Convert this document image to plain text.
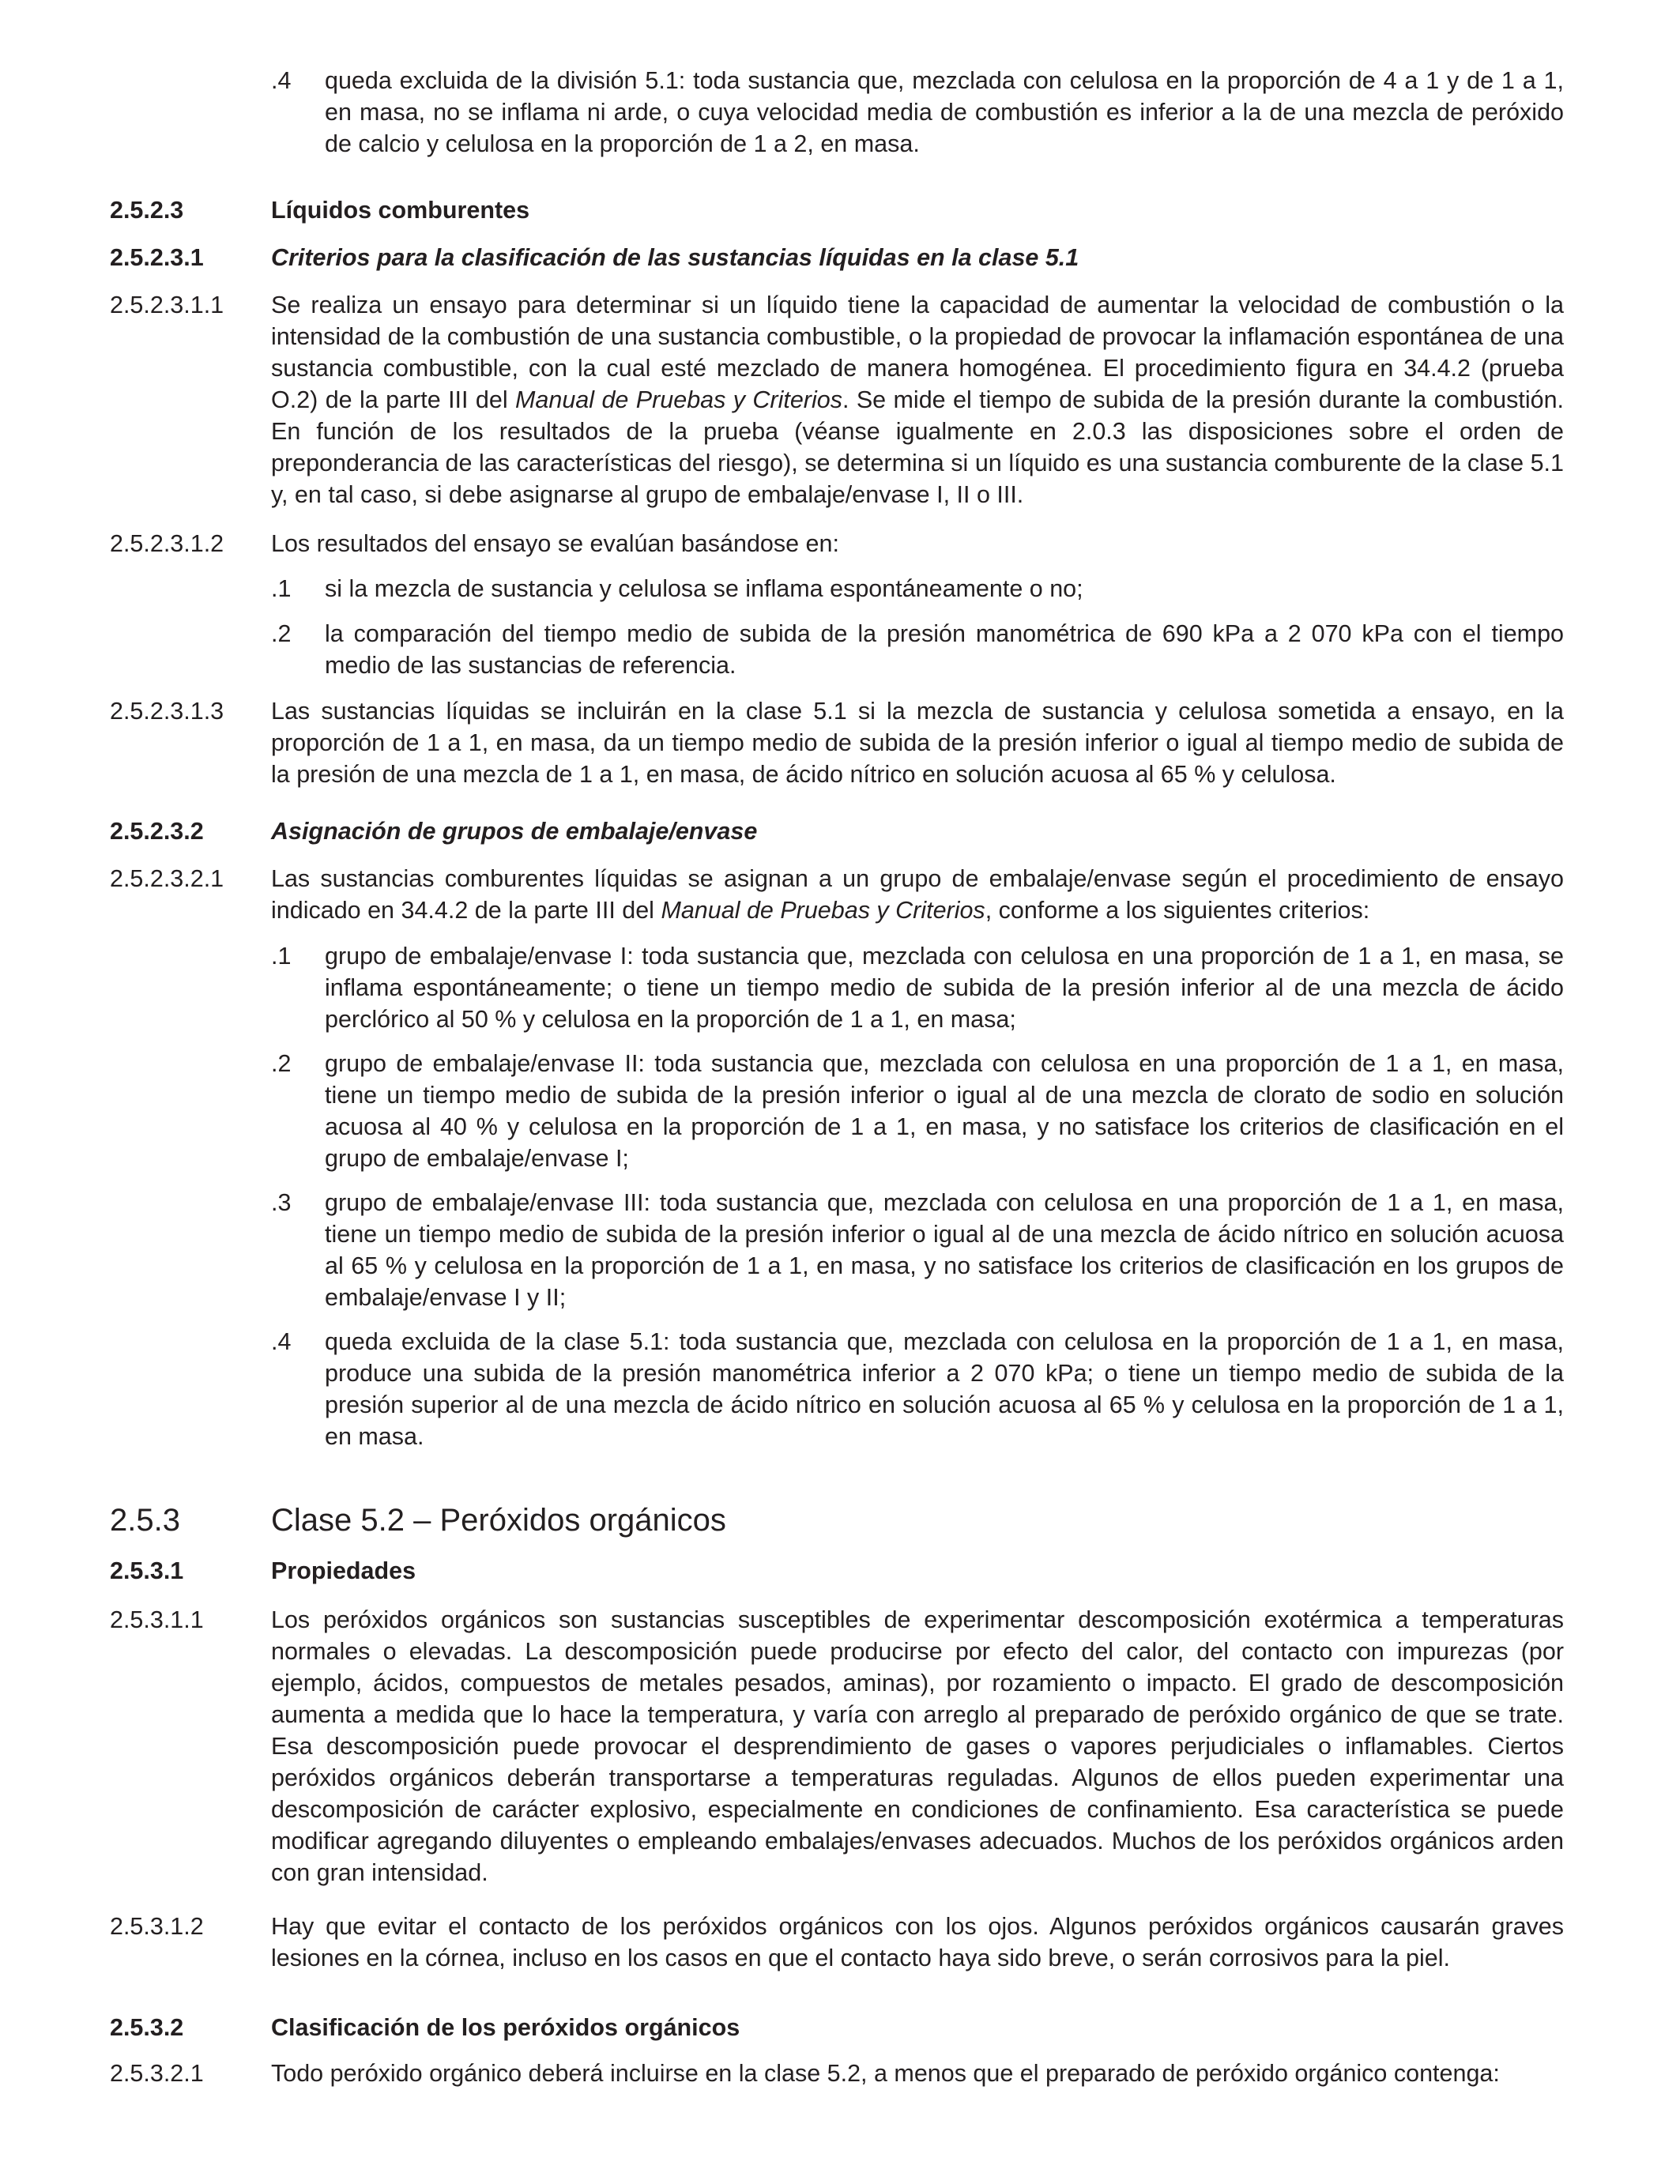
.4	queda excluida de la división 5.1: toda sustancia que, mezclada con celulosa en la proporción de 4 a 1 y de 1 a 1, en masa, no se inflama ni arde, o cuya velocidad media de combustión es inferior a la de una mezcla de peróxido de calcio y celulosa en la proporción de 1 a 2, en masa.
2.5.2.3	Líquidos comburentes
2.5.2.3.1	Criterios para la clasificación de las sustancias líquidas en la clase 5.1
2.5.2.3.1.1	Se realiza un ensayo para determinar si un líquido tiene la capacidad de aumentar la velocidad de combustión o la intensidad de la combustión de una sustancia combustible, o la propiedad de provocar la inflamación espontánea de una sustancia combustible, con la cual esté mezclado de manera homogénea. El procedimiento figura en 34.4.2 (prueba O.2) de la parte III del Manual de Pruebas y Criterios. Se mide el tiempo de subida de la presión durante la combustión. En función de los resultados de la prueba (véanse igualmente en 2.0.3 las disposiciones sobre el orden de preponderancia de las características del riesgo), se determina si un líquido es una sustancia comburente de la clase 5.1 y, en tal caso, si debe asignarse al grupo de embalaje/envase I, II o III.
2.5.2.3.1.2	Los resultados del ensayo se evalúan basándose en:
.1	si la mezcla de sustancia y celulosa se inflama espontáneamente o no;
.2	la comparación del tiempo medio de subida de la presión manométrica de 690 kPa a 2 070 kPa con el tiempo medio de las sustancias de referencia.
2.5.2.3.1.3	Las sustancias líquidas se incluirán en la clase 5.1 si la mezcla de sustancia y celulosa sometida a ensayo, en la proporción de 1 a 1, en masa, da un tiempo medio de subida de la presión inferior o igual al tiempo medio de subida de la presión de una mezcla de 1 a 1, en masa, de ácido nítrico en solución acuosa al 65 % y celulosa.
2.5.2.3.2	Asignación de grupos de embalaje/envase
2.5.2.3.2.1	Las sustancias comburentes líquidas se asignan a un grupo de embalaje/envase según el procedimiento de ensayo indicado en 34.4.2 de la parte III del Manual de Pruebas y Criterios, conforme a los siguientes criterios:
.1	grupo de embalaje/envase I: toda sustancia que, mezclada con celulosa en una proporción de 1 a 1, en masa, se inflama espontáneamente; o tiene un tiempo medio de subida de la presión inferior al de una mezcla de ácido perclórico al 50 % y celulosa en la proporción de 1 a 1, en masa;
.2	grupo de embalaje/envase II: toda sustancia que, mezclada con celulosa en una proporción de 1 a 1, en masa, tiene un tiempo medio de subida de la presión inferior o igual al de una mezcla de clorato de sodio en solución acuosa al 40 % y celulosa en la proporción de 1 a 1, en masa, y no satisface los criterios de clasificación en el grupo de embalaje/envase I;
.3	grupo de embalaje/envase III: toda sustancia que, mezclada con celulosa en una proporción de 1 a 1, en masa, tiene un tiempo medio de subida de la presión inferior o igual al de una mezcla de ácido nítrico en solución acuosa al 65 % y celulosa en la proporción de 1 a 1, en masa, y no satisface los criterios de clasificación en los grupos de embalaje/envase I y II;
.4	queda excluida de la clase 5.1: toda sustancia que, mezclada con celulosa en la proporción de 1 a 1, en masa, produce una subida de la presión manométrica inferior a 2 070 kPa; o tiene un tiempo medio de subida de la presión superior al de una mezcla de ácido nítrico en solución acuosa al 65 % y celulosa en la proporción de 1 a 1, en masa.
2.5.3	Clase 5.2 – Peróxidos orgánicos
2.5.3.1	Propiedades
2.5.3.1.1	Los peróxidos orgánicos son sustancias susceptibles de experimentar descomposición exotérmica a temperaturas normales o elevadas. La descomposición puede producirse por efecto del calor, del contacto con impurezas (por ejemplo, ácidos, compuestos de metales pesados, aminas), por rozamiento o impacto. El grado de descomposición aumenta a medida que lo hace la temperatura, y varía con arreglo al preparado de peróxido orgánico de que se trate. Esa descomposición puede provocar el desprendimiento de gases o vapores perjudiciales o inflamables. Ciertos peróxidos orgánicos deberán transportarse a temperaturas reguladas. Algunos de ellos pueden experimentar una descomposición de carácter explosivo, especialmente en condiciones de confinamiento. Esa característica se puede modificar agregando diluyentes o empleando embalajes/envases adecuados. Muchos de los peróxidos orgánicos arden con gran intensidad.
2.5.3.1.2	Hay que evitar el contacto de los peróxidos orgánicos con los ojos. Algunos peróxidos orgánicos causarán graves lesiones en la córnea, incluso en los casos en que el contacto haya sido breve, o serán corrosivos para la piel.
2.5.3.2	Clasificación de los peróxidos orgánicos
2.5.3.2.1	Todo peróxido orgánico deberá incluirse en la clase 5.2, a menos que el preparado de peróxido orgánico contenga:
